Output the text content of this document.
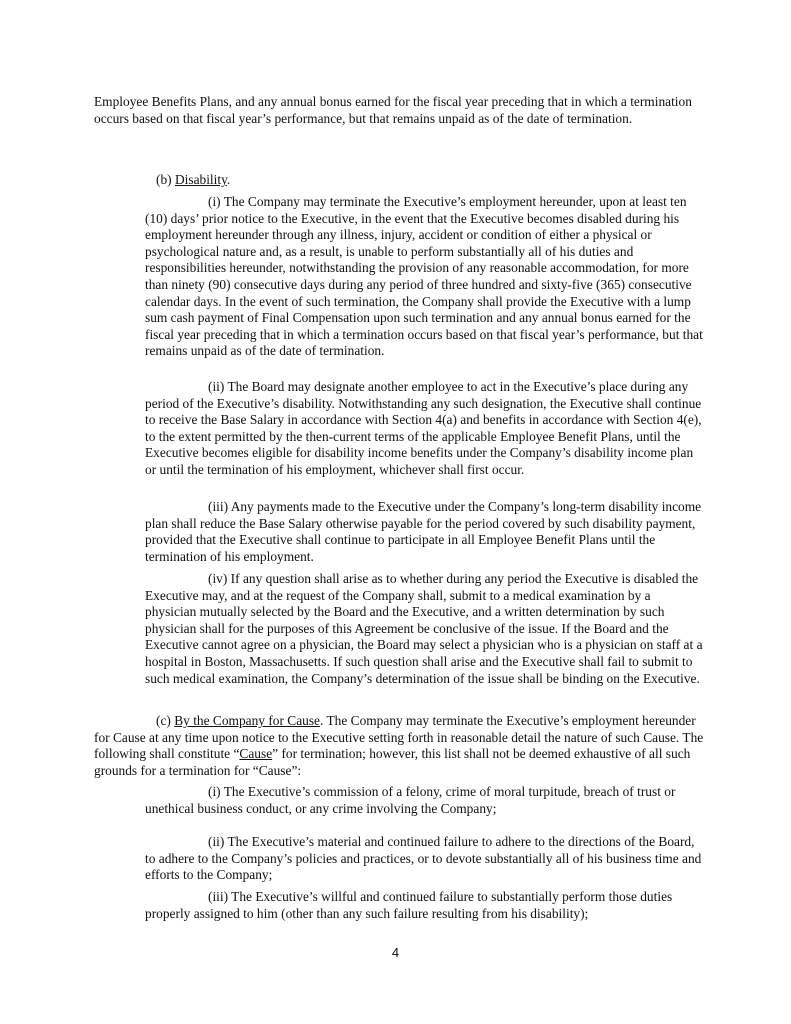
Employee Benefits Plans, and any annual bonus earned for the fiscal year preceding that in which a termination occurs based on that fiscal year’s performance, but that remains unpaid as of the date of termination.

(b) Disability.

(i) The Company may terminate the Executive’s employment hereunder, upon at least ten (10) days’ prior notice to the Executive, in the event that the Executive becomes disabled during his employment hereunder through any illness, injury, accident or condition of either a physical or psychological nature and, as a result, is unable to perform substantially all of his duties and responsibilities hereunder, notwithstanding the provision of any reasonable accommodation, for more than ninety (90) consecutive days during any period of three hundred and sixty-five (365) consecutive calendar days. In the event of such termination, the Company shall provide the Executive with a lump sum cash payment of Final Compensation upon such termination and any annual bonus earned for the fiscal year preceding that in which a termination occurs based on that fiscal year’s performance, but that remains unpaid as of the date of termination.

(ii) The Board may designate another employee to act in the Executive’s place during any period of the Executive’s disability. Notwithstanding any such designation, the Executive shall continue to receive the Base Salary in accordance with Section 4(a) and benefits in accordance with Section 4(e), to the extent permitted by the then-current terms of the applicable Employee Benefit Plans, until the Executive becomes eligible for disability income benefits under the Company’s disability income plan or until the termination of his employment, whichever shall first occur.

(iii) Any payments made to the Executive under the Company’s long-term disability income plan shall reduce the Base Salary otherwise payable for the period covered by such disability payment, provided that the Executive shall continue to participate in all Employee Benefit Plans until the termination of his employment.

(iv) If any question shall arise as to whether during any period the Executive is disabled the Executive may, and at the request of the Company shall, submit to a medical examination by a physician mutually selected by the Board and the Executive, and a written determination by such physician shall for the purposes of this Agreement be conclusive of the issue. If the Board and the Executive cannot agree on a physician, the Board may select a physician who is a physician on staff at a hospital in Boston, Massachusetts. If such question shall arise and the Executive shall fail to submit to such medical examination, the Company’s determination of the issue shall be binding on the Executive.

(c) By the Company for Cause. The Company may terminate the Executive’s employment hereunder for Cause at any time upon notice to the Executive setting forth in reasonable detail the nature of such Cause. The following shall constitute “Cause” for termination; however, this list shall not be deemed exhaustive of all such grounds for a termination for “Cause”:

(i) The Executive’s commission of a felony, crime of moral turpitude, breach of trust or unethical business conduct, or any crime involving the Company;

(ii) The Executive’s material and continued failure to adhere to the directions of the Board, to adhere to the Company’s policies and practices, or to devote substantially all of his business time and efforts to the Company;

(iii) The Executive’s willful and continued failure to substantially perform those duties properly assigned to him (other than any such failure resulting from his disability);

4
